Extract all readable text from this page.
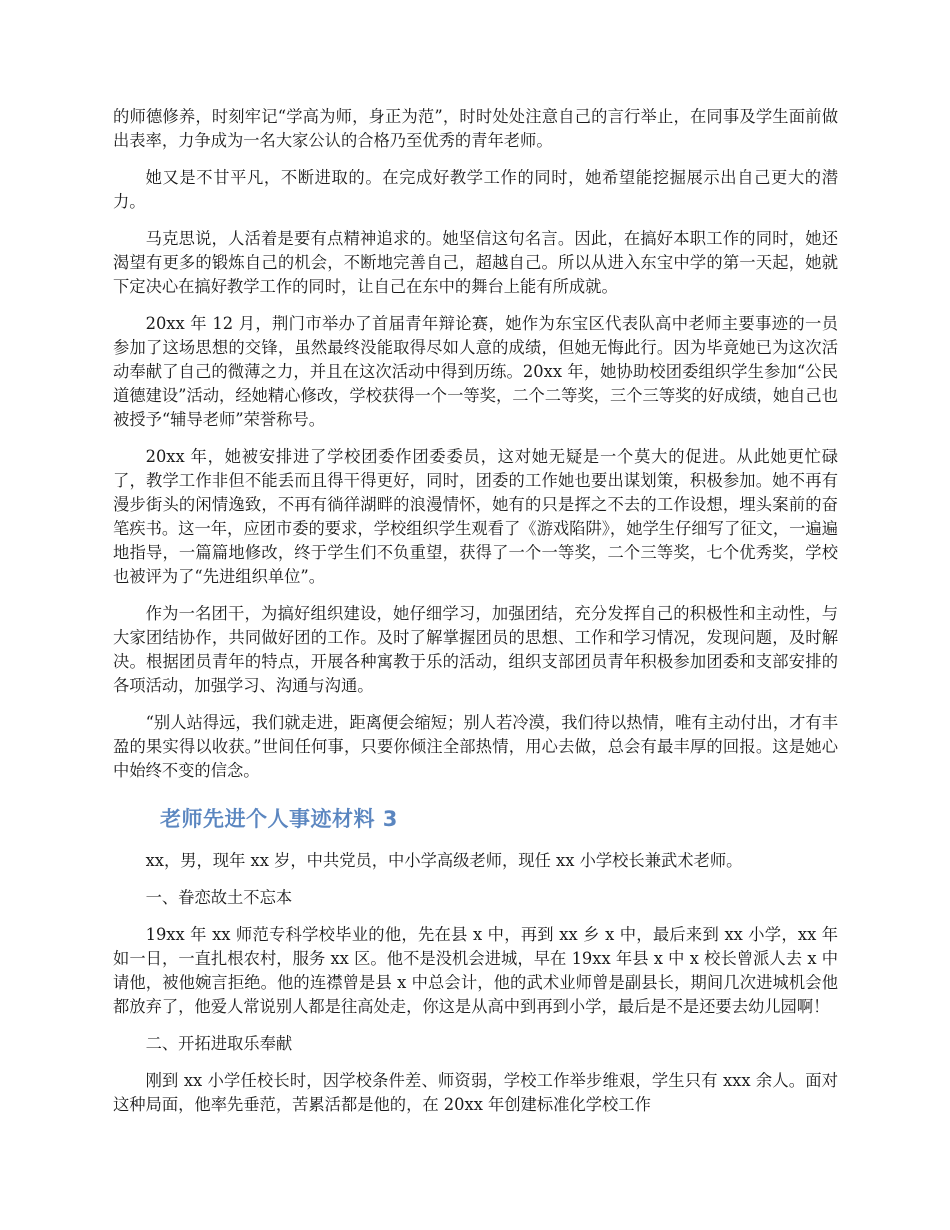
的师德修养，时刻牢记“学高为师，身正为范”，时时处处注意自己的言行举止，在同事及学生面前做出表率，力争成为一名大家公认的合格乃至优秀的青年老师。

她又是不甘平凡，不断进取的。在完成好教学工作的同时，她希望能挖掘展示出自己更大的潜力。

马克思说，人活着是要有点精神追求的。她坚信这句名言。因此，在搞好本职工作的同时，她还渴望有更多的锻炼自己的机会，不断地完善自己，超越自己。所以从进入东宝中学的第一天起，她就下定决心在搞好教学工作的同时，让自己在东中的舞台上能有所成就。

20xx 年 12 月，荆门市举办了首届青年辩论赛，她作为东宝区代表队高中老师主要事迹的一员参加了这场思想的交锋，虽然最终没能取得尽如人意的成绩，但她无悔此行。因为毕竟她已为这次活动奉献了自己的微薄之力，并且在这次活动中得到历练。20xx 年，她协助校团委组织学生参加“公民道德建设”活动，经她精心修改，学校获得一个一等奖，二个二等奖，三个三等奖的好成绩，她自己也被授予“辅导老师”荣誉称号。

20xx 年，她被安排进了学校团委作团委委员，这对她无疑是一个莫大的促进。从此她更忙碌了，教学工作非但不能丢而且得干得更好，同时，团委的工作她也要出谋划策，积极参加。她不再有漫步街头的闲情逸致，不再有徜徉湖畔的浪漫情怀，她有的只是挥之不去的工作设想，埋头案前的奋笔疾书。这一年，应团市委的要求，学校组织学生观看了《游戏陷阱》，她学生仔细写了征文，一遍遍地指导，一篇篇地修改，终于学生们不负重望，获得了一个一等奖，二个三等奖，七个优秀奖，学校也被评为了“先进组织单位”。

作为一名团干，为搞好组织建设，她仔细学习，加强团结，充分发挥自己的积极性和主动性，与大家团结协作，共同做好团的工作。及时了解掌握团员的思想、工作和学习情况，发现问题，及时解决。根据团员青年的特点，开展各种寓教于乐的活动，组织支部团员青年积极参加团委和支部安排的各项活动，加强学习、沟通与沟通。

“别人站得远，我们就走进，距离便会缩短；别人若冷漠，我们待以热情，唯有主动付出，才有丰盈的果实得以收获。”世间任何事，只要你倾注全部热情，用心去做，总会有最丰厚的回报。这是她心中始终不变的信念。

老师先进个人事迹材料 3

xx，男，现年 xx 岁，中共党员，中小学高级老师，现任 xx 小学校长兼武术老师。

一、眷恋故土不忘本

19xx 年 xx 师范专科学校毕业的他，先在县 x 中，再到 xx 乡 x 中，最后来到 xx 小学，xx 年如一日，一直扎根农村，服务 xx 区。他不是没机会进城，早在 19xx 年县 x 中 x 校长曾派人去 x 中请他，被他婉言拒绝。他的连襟曾是县 x 中总会计，他的武术业师曾是副县长，期间几次进城机会他都放弃了，他爱人常说别人都是往高处走，你这是从高中到再到小学，最后是不是还要去幼儿园啊！

二、开拓进取乐奉献

刚到 xx 小学任校长时，因学校条件差、师资弱，学校工作举步维艰，学生只有 xxx 余人。面对这种局面，他率先垂范，苦累活都是他的，在 20xx 年创建标准化学校工作
